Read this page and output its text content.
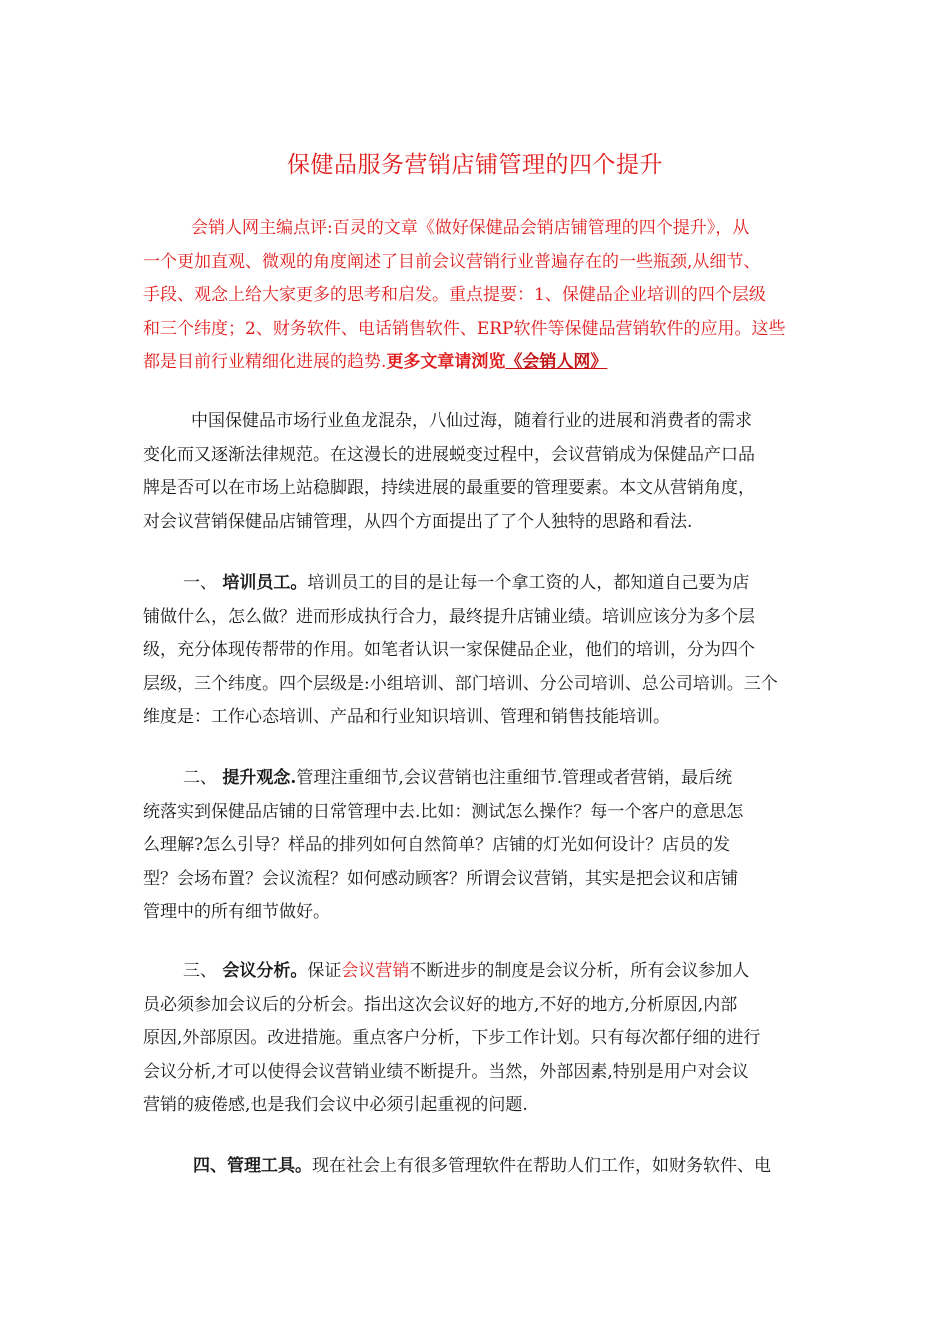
保健品服务营销店铺管理的四个提升
会销人网主编点评:百灵的文章《做好保健品会销店铺管理的四个提升》，从
一个更加直观、微观的角度阐述了目前会议营销行业普遍存在的一些瓶颈,从细节、
手段、观念上给大家更多的思考和启发。重点提要：1、保健品企业培训的四个层级
和三个纬度；2、财务软件、电话销售软件、ERP软件等保健品营销软件的应用。这些
都是目前行业精细化进展的趋势.更多文章请浏览《会销人网》
中国保健品市场行业鱼龙混杂，八仙过海，随着行业的进展和消费者的需求
变化而又逐渐法律规范。在这漫长的进展蜕变过程中，会议营销成为保健品产口品
牌是否可以在市场上站稳脚跟，持续进展的最重要的管理要素。本文从营销角度，
对会议营销保健品店铺管理，从四个方面提出了了个人独特的思路和看法.
一、 培训员工。培训员工的目的是让每一个拿工资的人，都知道自己要为店
铺做什么，怎么做？进而形成执行合力，最终提升店铺业绩。培训应该分为多个层
级，充分体现传帮带的作用。如笔者认识一家保健品企业，他们的培训，分为四个
层级，三个纬度。四个层级是:小组培训、部门培训、分公司培训、总公司培训。三个
维度是：工作心态培训、产品和行业知识培训、管理和销售技能培训。
二、 提升观念.管理注重细节,会议营销也注重细节.管理或者营销，最后统
统落实到保健品店铺的日常管理中去.比如：测试怎么操作？每一个客户的意思怎
么理解?怎么引导？样品的排列如何自然简单？店铺的灯光如何设计？店员的发
型？会场布置？会议流程？如何感动顾客？所谓会议营销，其实是把会议和店铺
管理中的所有细节做好。
三、 会议分析。保证会议营销不断进步的制度是会议分析，所有会议参加人
员必须参加会议后的分析会。指出这次会议好的地方,不好的地方,分析原因,内部
原因,外部原因。改进措施。重点客户分析，下步工作计划。只有每次都仔细的进行
会议分析,才可以使得会议营销业绩不断提升。当然，外部因素,特别是用户对会议
营销的疲倦感,也是我们会议中必须引起重视的问题.
四、管理工具。现在社会上有很多管理软件在帮助人们工作，如财务软件、电
